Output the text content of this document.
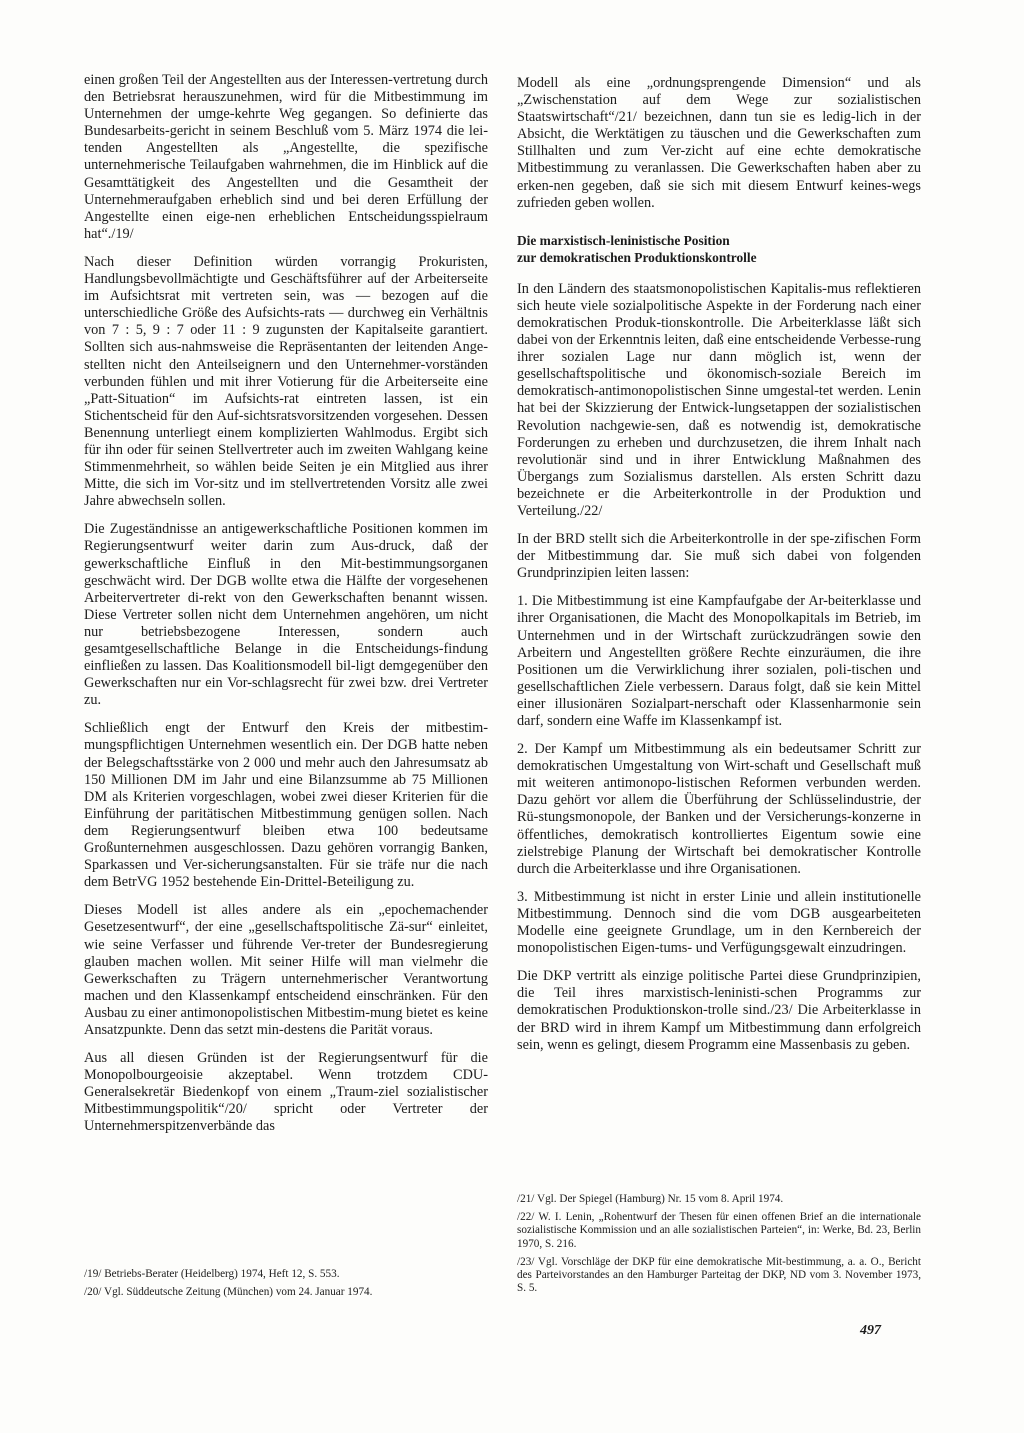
einen großen Teil der Angestellten aus der Interessen-vertretung durch den Betriebsrat herauszunehmen, wird für die Mitbestimmung im Unternehmen der umge-kehrte Weg gegangen. So definierte das Bundesarbeits-gericht in seinem Beschluß vom 5. März 1974 die lei-tenden Angestellten als „Angestellte, die spezifische unternehmerische Teilaufgaben wahrnehmen, die im Hinblick auf die Gesamttätigkeit des Angestellten und die Gesamtheit der Unternehmeraufgaben erheblich sind und bei deren Erfüllung der Angestellte einen eige-nen erheblichen Entscheidungsspielraum hat“./19/

Nach dieser Definition würden vorrangig Prokuristen, Handlungsbevollmächtigte und Geschäftsführer auf der Arbeiterseite im Aufsichtsrat mit vertreten sein, was — bezogen auf die unterschiedliche Größe des Aufsichts-rats — durchweg ein Verhältnis von 7 : 5, 9 : 7 oder 11 : 9 zugunsten der Kapitalseite garantiert. Sollten sich aus-nahmsweise die Repräsentanten der leitenden Ange-stellten nicht den Anteilseignern und den Unternehmer-vorständen verbunden fühlen und mit ihrer Votierung für die Arbeiterseite eine „Patt-Situation“ im Aufsichts-rat eintreten lassen, ist ein Stichentscheid für den Auf-sichtsratsvorsitzenden vorgesehen. Dessen Benennung unterliegt einem komplizierten Wahlmodus. Ergibt sich für ihn oder für seinen Stellvertreter auch im zweiten Wahlgang keine Stimmenmehrheit, so wählen beide Seiten je ein Mitglied aus ihrer Mitte, die sich im Vor-sitz und im stellvertretenden Vorsitz alle zwei Jahre abwechseln sollen.

Die Zugeständnisse an antigewerkschaftliche Positionen kommen im Regierungsentwurf weiter darin zum Aus-druck, daß der gewerkschaftliche Einfluß in den Mit-bestimmungsorganen geschwächt wird. Der DGB wollte etwa die Hälfte der vorgesehenen Arbeitervertreter di-rekt von den Gewerkschaften benannt wissen. Diese Vertreter sollen nicht dem Unternehmen angehören, um nicht nur betriebsbezogene Interessen, sondern auch gesamtgesellschaftliche Belange in die Entscheidungs-findung einfließen zu lassen. Das Koalitionsmodell bil-ligt demgegenüber den Gewerkschaften nur ein Vor-schlagsrecht für zwei bzw. drei Vertreter zu.

Schließlich engt der Entwurf den Kreis der mitbestim-mungspflichtigen Unternehmen wesentlich ein. Der DGB hatte neben der Belegschaftsstärke von 2 000 und mehr auch den Jahresumsatz ab 150 Millionen DM im Jahr und eine Bilanzsumme ab 75 Millionen DM als Kriterien vorgeschlagen, wobei zwei dieser Kriterien für die Einführung der paritätischen Mitbestimmung genügen sollen. Nach dem Regierungsentwurf bleiben etwa 100 bedeutsame Großunternehmen ausgeschlossen. Dazu gehören vorrangig Banken, Sparkassen und Ver-sicherungsanstalten. Für sie träfe nur die nach dem BetrVG 1952 bestehende Ein-Drittel-Beteiligung zu.

Dieses Modell ist alles andere als ein „epochemachender Gesetzesentwurf“, der eine „gesellschaftspolitische Zä-sur“ einleitet, wie seine Verfasser und führende Ver-treter der Bundesregierung glauben machen wollen. Mit seiner Hilfe will man vielmehr die Gewerkschaften zu Trägern unternehmerischer Verantwortung machen und den Klassenkampf entscheidend einschränken. Für den Ausbau zu einer antimonopolistischen Mitbestim-mung bietet es keine Ansatzpunkte. Denn das setzt min-destens die Parität voraus.

Aus all diesen Gründen ist der Regierungsentwurf für die Monopolbourgeoisie akzeptabel. Wenn trotzdem CDU-Generalsekretär Biedenkopf von einem „Traum-ziel sozialistischer Mitbestimmungspolitik“/20/ spricht oder Vertreter der Unternehmerspitzenverbände das

/19/ Betriebs-Berater (Heidelberg) 1974, Heft 12, S. 553.

/20/ Vgl. Süddeutsche Zeitung (München) vom 24. Januar 1974.

Modell als eine „ordnungsprengende Dimension“ und als „Zwischenstation auf dem Wege zur sozialistischen Staatswirtschaft“/21/ bezeichnen, dann tun sie es ledig-lich in der Absicht, die Werktätigen zu täuschen und die Gewerkschaften zum Stillhalten und zum Ver-zicht auf eine echte demokratische Mitbestimmung zu veranlassen. Die Gewerkschaften haben aber zu erken-nen gegeben, daß sie sich mit diesem Entwurf keines-wegs zufrieden geben wollen.

Die marxistisch-leninistische Position
zur demokratischen Produktionskontrolle

In den Ländern des staatsmonopolistischen Kapitalis-mus reflektieren sich heute viele sozialpolitische Aspekte in der Forderung nach einer demokratischen Produk-tionskontrolle. Die Arbeiterklasse läßt sich dabei von der Erkenntnis leiten, daß eine entscheidende Verbesse-rung ihrer sozialen Lage nur dann möglich ist, wenn der gesellschaftspolitische und ökonomisch-soziale Bereich im demokratisch-antimonopolistischen Sinne umgestal-tet werden. Lenin hat bei der Skizzierung der Entwick-lungsetappen der sozialistischen Revolution nachgewie-sen, daß es notwendig ist, demokratische Forderungen zu erheben und durchzusetzen, die ihrem Inhalt nach revolutionär sind und in ihrer Entwicklung Maßnahmen des Übergangs zum Sozialismus darstellen. Als ersten Schritt dazu bezeichnete er die Arbeiterkontrolle in der Produktion und Verteilung./22/

In der BRD stellt sich die Arbeiterkontrolle in der spe-zifischen Form der Mitbestimmung dar. Sie muß sich dabei von folgenden Grundprinzipien leiten lassen:

1. Die Mitbestimmung ist eine Kampfaufgabe der Ar-beiterklasse und ihrer Organisationen, die Macht des Monopolkapitals im Betrieb, im Unternehmen und in der Wirtschaft zurückzudrängen sowie den Arbeitern und Angestellten größere Rechte einzuräumen, die ihre Positionen um die Verwirklichung ihrer sozialen, poli-tischen und gesellschaftlichen Ziele verbessern. Daraus folgt, daß sie kein Mittel einer illusionären Sozialpart-nerschaft oder Klassenharmonie sein darf, sondern eine Waffe im Klassenkampf ist.

2. Der Kampf um Mitbestimmung als ein bedeutsamer Schritt zur demokratischen Umgestaltung von Wirt-schaft und Gesellschaft muß mit weiteren antimonopo-listischen Reformen verbunden werden. Dazu gehört vor allem die Überführung der Schlüsselindustrie, der Rü-stungsmonopole, der Banken und der Versicherungs-konzerne in öffentliches, demokratisch kontrolliertes Eigentum sowie eine zielstrebige Planung der Wirtschaft bei demokratischer Kontrolle durch die Arbeiterklasse und ihre Organisationen.

3. Mitbestimmung ist nicht in erster Linie und allein institutionelle Mitbestimmung. Dennoch sind die vom DGB ausgearbeiteten Modelle eine geeignete Grundlage, um in den Kernbereich der monopolistischen Eigen-tums- und Verfügungsgewalt einzudringen.

Die DKP vertritt als einzige politische Partei diese Grundprinzipien, die Teil ihres marxistisch-leninisti-schen Programms zur demokratischen Produktionskon-trolle sind./23/ Die Arbeiterklasse in der BRD wird in ihrem Kampf um Mitbestimmung dann erfolgreich sein, wenn es gelingt, diesem Programm eine Massenbasis zu geben.

/21/ Vgl. Der Spiegel (Hamburg) Nr. 15 vom 8. April 1974.

/22/ W. I. Lenin, „Rohentwurf der Thesen für einen offenen Brief an die internationale sozialistische Kommission und an alle sozialistischen Parteien“, in: Werke, Bd. 23, Berlin 1970, S. 216.

/23/ Vgl. Vorschläge der DKP für eine demokratische Mit-bestimmung, a. a. O., Bericht des Parteivorstandes an den Hamburger Parteitag der DKP, ND vom 3. November 1973, S. 5.

497
